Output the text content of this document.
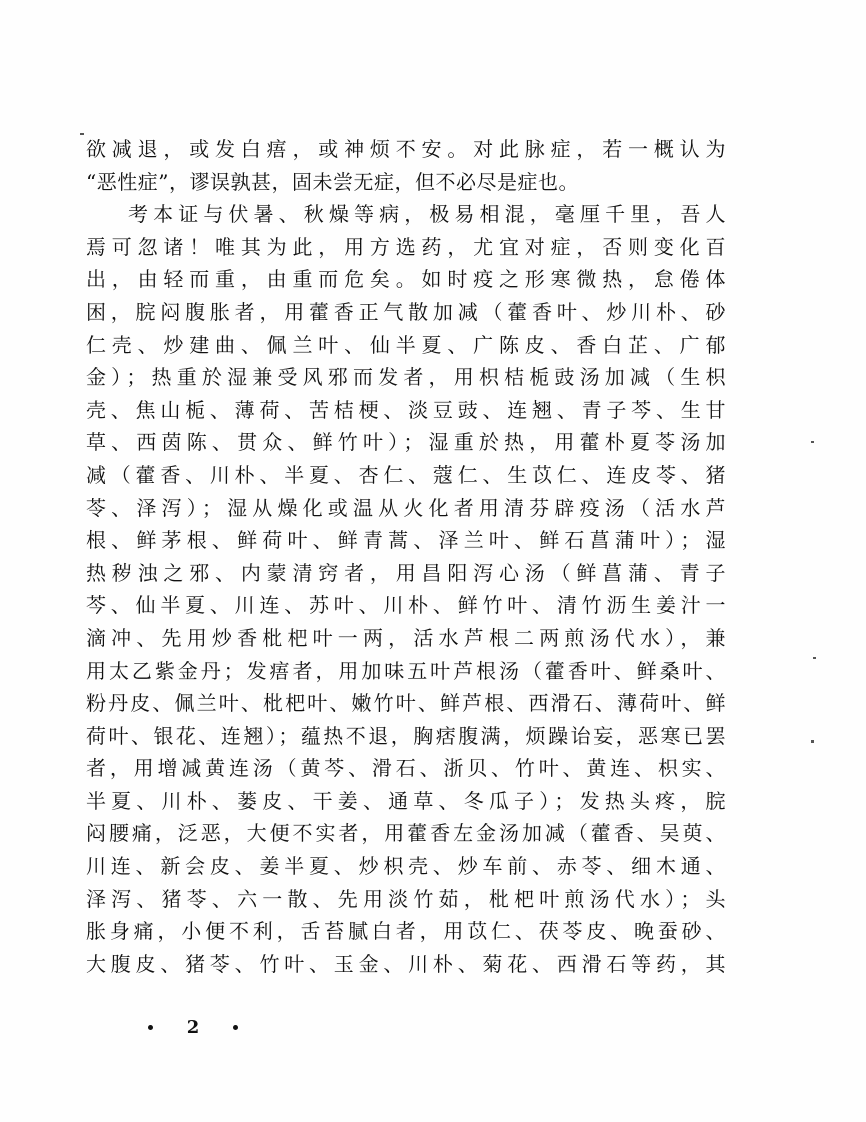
欲减退，或发白痦，或神烦不安。对此脉症，若一概认为
“恶性症”，谬误孰甚，固未尝无症，但不必尽是症也。
考本证与伏暑、秋燥等病，极易相混，毫厘千里，吾人
焉可忽诸！唯其为此，用方选药，尤宜对症，否则变化百
出，由轻而重，由重而危矣。如时疫之形寒微热，怠倦体
困，脘闷腹胀者，用藿香正气散加减（藿香叶、炒川朴、砂
仁壳、炒建曲、佩兰叶、仙半夏、广陈皮、香白芷、广郁
金）；热重於湿兼受风邪而发者，用枳桔栀豉汤加减（生枳
壳、焦山栀、薄荷、苦桔梗、淡豆豉、连翘、青子芩、生甘
草、西茵陈、贯众、鲜竹叶）；湿重於热，用藿朴夏苓汤加
减（藿香、川朴、半夏、杏仁、蔻仁、生苡仁、连皮苓、猪
苓、泽泻）；湿从燥化或温从火化者用清芬辟疫汤（活水芦
根、鲜茅根、鲜荷叶、鲜青蒿、泽兰叶、鲜石菖蒲叶）；湿
热秽浊之邪、内蒙清窍者，用昌阳泻心汤（鲜菖蒲、青子
芩、仙半夏、川连、苏叶、川朴、鲜竹叶、清竹沥生姜汁一
滴冲、先用炒香枇杷叶一两，活水芦根二两煎汤代水），兼
用太乙紫金丹；发痦者，用加味五叶芦根汤（藿香叶、鲜桑叶、
粉丹皮、佩兰叶、枇杷叶、嫩竹叶、鲜芦根、西滑石、薄荷叶、鲜
荷叶、银花、连翘）；蕴热不退，胸痞腹满，烦躁诒妄，恶寒已罢
者，用增减黄连汤（黄芩、滑石、浙贝、竹叶、黄连、枳实、
半夏、川朴、蒌皮、干姜、通草、冬瓜子）；发热头疼，脘
闷腰痛，泛恶，大便不实者，用藿香左金汤加减（藿香、吴萸、
川连、新会皮、姜半夏、炒枳壳、炒车前、赤苓、细木通、
泽泻、猪苓、六一散、先用淡竹茹，枇杷叶煎汤代水）；头
胀身痛，小便不利，舌苔腻白者，用苡仁、茯苓皮、晚蚕砂、
大腹皮、猪苓、竹叶、玉金、川朴、菊花、西滑石等药，其
2
